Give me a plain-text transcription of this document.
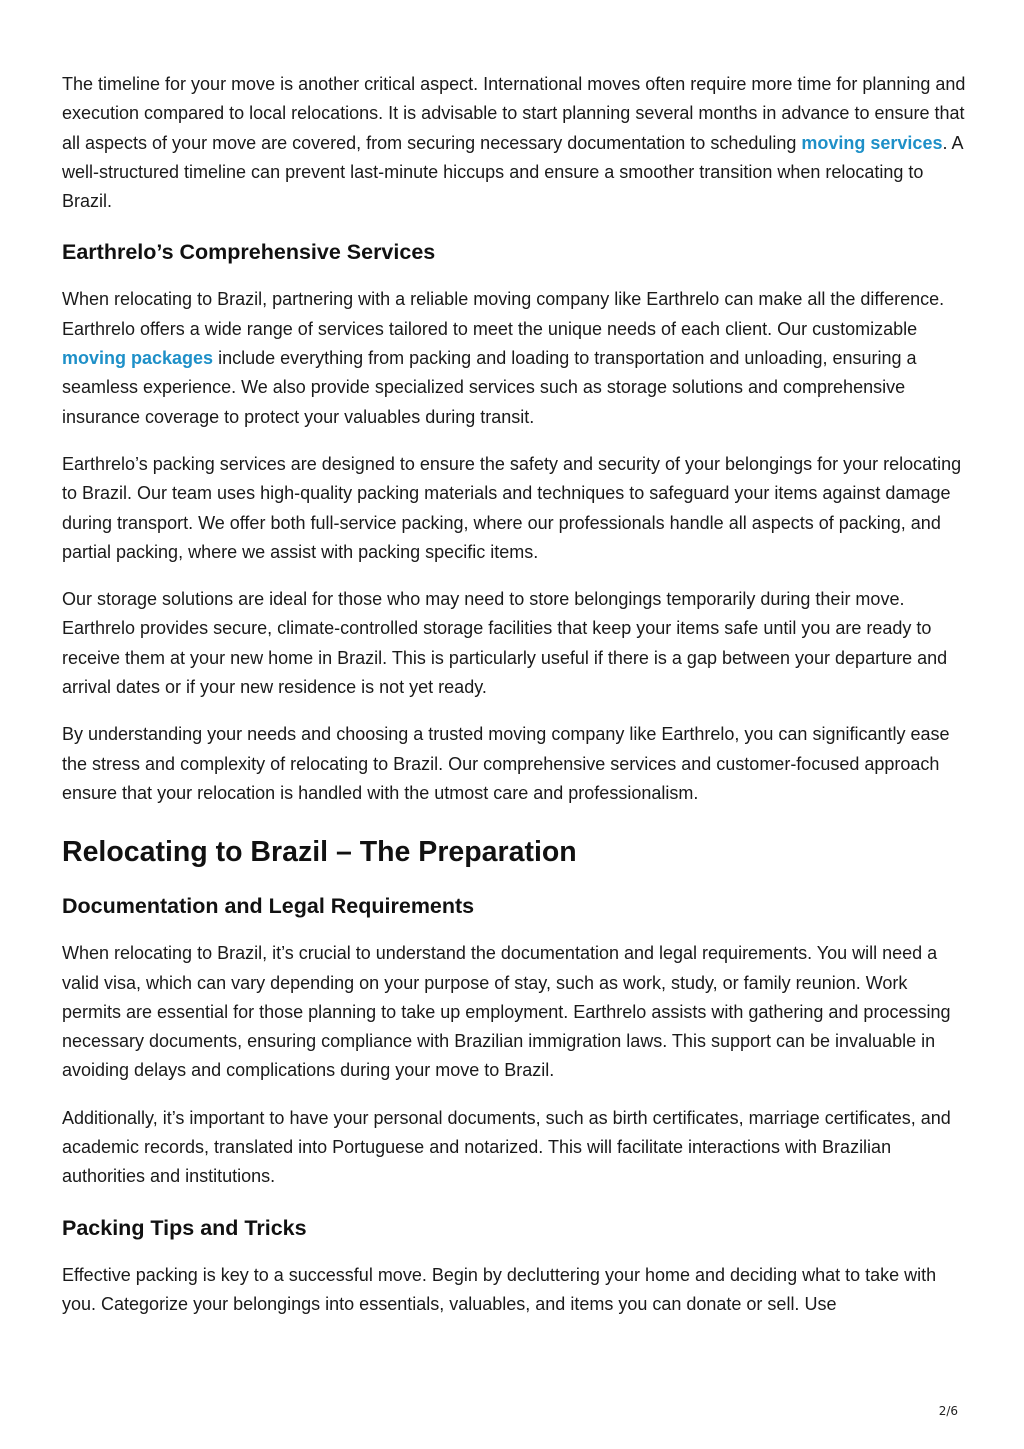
The timeline for your move is another critical aspect. International moves often require more time for planning and execution compared to local relocations. It is advisable to start planning several months in advance to ensure that all aspects of your move are covered, from securing necessary documentation to scheduling moving services. A well-structured timeline can prevent last-minute hiccups and ensure a smoother transition when relocating to Brazil.

Earthrelo’s Comprehensive Services

When relocating to Brazil, partnering with a reliable moving company like Earthrelo can make all the difference. Earthrelo offers a wide range of services tailored to meet the unique needs of each client. Our customizable moving packages include everything from packing and loading to transportation and unloading, ensuring a seamless experience. We also provide specialized services such as storage solutions and comprehensive insurance coverage to protect your valuables during transit.

Earthrelo’s packing services are designed to ensure the safety and security of your belongings for your relocating to Brazil. Our team uses high-quality packing materials and techniques to safeguard your items against damage during transport. We offer both full-service packing, where our professionals handle all aspects of packing, and partial packing, where we assist with packing specific items.

Our storage solutions are ideal for those who may need to store belongings temporarily during their move. Earthrelo provides secure, climate-controlled storage facilities that keep your items safe until you are ready to receive them at your new home in Brazil. This is particularly useful if there is a gap between your departure and arrival dates or if your new residence is not yet ready.

By understanding your needs and choosing a trusted moving company like Earthrelo, you can significantly ease the stress and complexity of relocating to Brazil. Our comprehensive services and customer-focused approach ensure that your relocation is handled with the utmost care and professionalism.

Relocating to Brazil – The Preparation
Documentation and Legal Requirements

When relocating to Brazil, it’s crucial to understand the documentation and legal requirements. You will need a valid visa, which can vary depending on your purpose of stay, such as work, study, or family reunion. Work permits are essential for those planning to take up employment. Earthrelo assists with gathering and processing necessary documents, ensuring compliance with Brazilian immigration laws. This support can be invaluable in avoiding delays and complications during your move to Brazil.

Additionally, it’s important to have your personal documents, such as birth certificates, marriage certificates, and academic records, translated into Portuguese and notarized. This will facilitate interactions with Brazilian authorities and institutions.

Packing Tips and Tricks

Effective packing is key to a successful move. Begin by decluttering your home and deciding what to take with you. Categorize your belongings into essentials, valuables, and items you can donate or sell. Use

2/6
